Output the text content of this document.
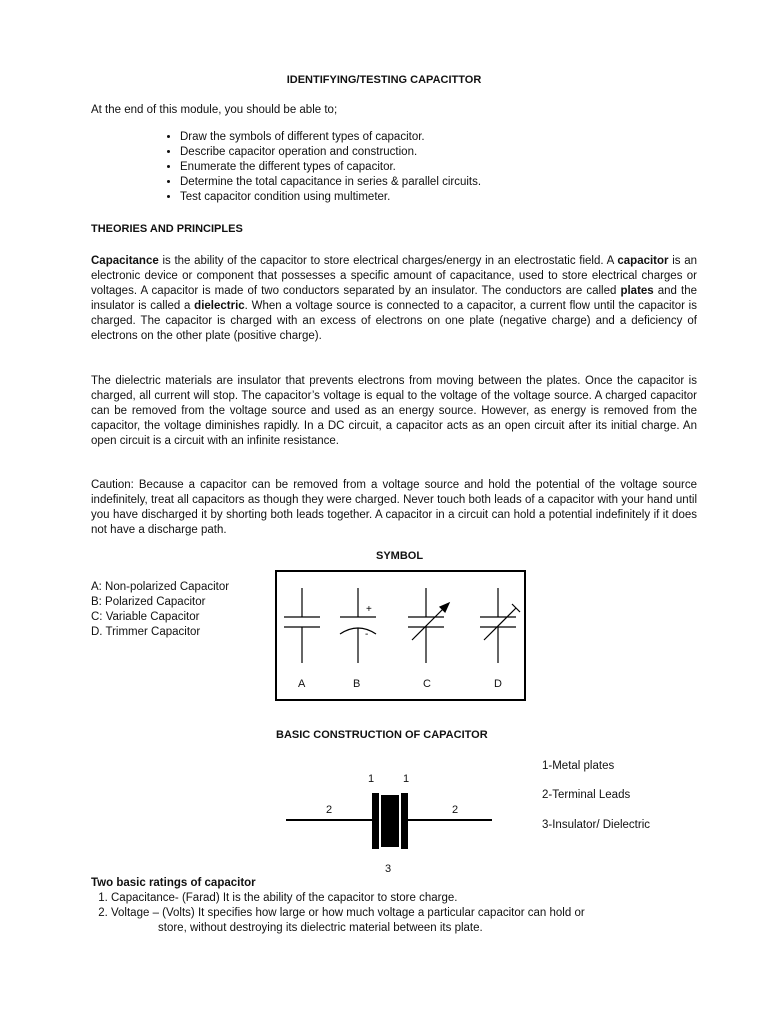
IDENTIFYING/TESTING CAPACITTOR
At the end of this module, you should be able to;
• Draw the symbols of different types of capacitor.
• Describe capacitor operation and construction.
• Enumerate the different types of capacitor.
• Determine the total capacitance in series & parallel circuits.
• Test capacitor condition using multimeter.
THEORIES AND PRINCIPLES

Capacitance is the ability of the capacitor to store electrical charges/energy in an electrostatic field. A capacitor is an electronic device or component that possesses a specific amount of capacitance, used to store electrical charges or voltages. A capacitor is made of two conductors separated by an insulator. The conductors are called plates and the insulator is called a dielectric. When a voltage source is connected to a capacitor, a current flow until the capacitor is charged. The capacitor is charged with an excess of electrons on one plate (negative charge) and a deficiency of electrons on the other plate (positive charge).

The dielectric materials are insulator that prevents electrons from moving between the plates. Once the capacitor is charged, all current will stop. The capacitor’s voltage is equal to the voltage of the voltage source. A charged capacitor can be removed from the voltage source and used as an energy source. However, as energy is removed from the capacitor, the voltage diminishes rapidly. In a DC circuit, a capacitor acts as an open circuit after its initial charge. An open circuit is a circuit with an infinite resistance.

Caution: Because a capacitor can be removed from a voltage source and hold the potential of the voltage source indefinitely, treat all capacitors as though they were charged. Never touch both leads of a capacitor with your hand until you have discharged it by shorting both leads together. A capacitor in a circuit can hold a potential indefinitely if it does not have a discharge path.

SYMBOL
A: Non-polarized Capacitor
B: Polarized Capacitor
C: Variable Capacitor
D. Trimmer Capacitor
+
-
A	B	C	D
BASIC CONSTRUCTION OF CAPACITOR
1-Metal plates
2-Terminal Leads
3-Insulator/ Dielectric
1	1
2	2
3
Two basic ratings of capacitor
1. Capacitance- (Farad) It is the ability of the capacitor to store charge.
2. Voltage – (Volts) It specifies how large or how much voltage a particular capacitor can hold or
store, without destroying its dielectric material between its plate.
